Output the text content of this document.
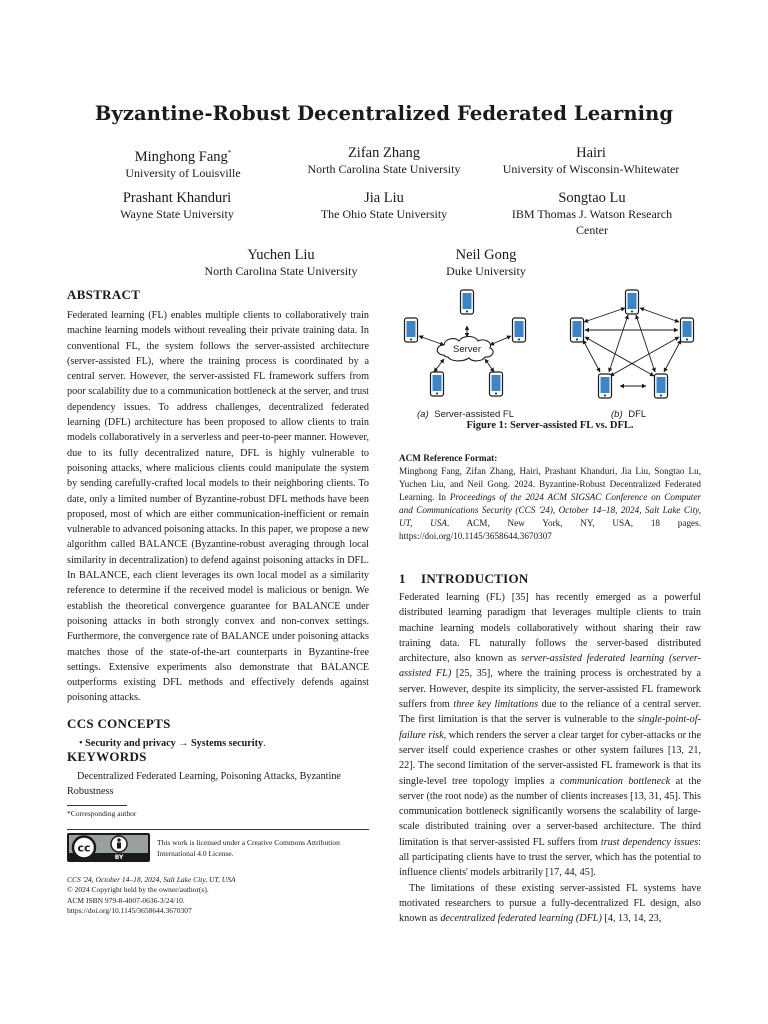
Byzantine-Robust Decentralized Federated Learning
Minghong Fang*
University of Louisville
Zifan Zhang
North Carolina State University
Hairi
University of Wisconsin-Whitewater
Prashant Khanduri
Wayne State University
Jia Liu
The Ohio State University
Songtao Lu
IBM Thomas J. Watson Research Center
Yuchen Liu
North Carolina State University
Neil Gong
Duke University
ABSTRACT

Federated learning (FL) enables multiple clients to collaboratively train machine learning models without revealing their private training data. In conventional FL, the system follows the server-assisted architecture (server-assisted FL), where the training process is coordinated by a central server. However, the server-assisted FL framework suffers from poor scalability due to a communication bottleneck at the server, and trust dependency issues. To address challenges, decentralized federated learning (DFL) architecture has been proposed to allow clients to train models collaboratively in a serverless and peer-to-peer manner. However, due to its fully decentralized nature, DFL is highly vulnerable to poisoning attacks, where malicious clients could manipulate the system by sending carefully-crafted local models to their neighboring clients. To date, only a limited number of Byzantine-robust DFL methods have been proposed, most of which are either communication-inefficient or remain vulnerable to advanced poisoning attacks. In this paper, we propose a new algorithm called BALANCE (Byzantine-robust averaging through local similarity in decentralization) to defend against poisoning attacks in DFL. In BALANCE, each client leverages its own local model as a similarity reference to determine if the received model is malicious or benign. We establish the theoretical convergence guarantee for BALANCE under poisoning attacks in both strongly convex and non-convex settings. Furthermore, the convergence rate of BALANCE under poisoning attacks matches those of the state-of-the-art counterparts in Byzantine-free settings. Extensive experiments also demonstrate that BALANCE outperforms existing DFL methods and effectively defends against poisoning attacks.

CCS CONCEPTS
• Security and privacy → Systems security.
KEYWORDS
Decentralized Federated Learning, Poisoning Attacks, Byzantine Robustness
*Corresponding author
cc
BY
This work is licensed under a Creative Commons Attribution International 4.0 License.
CCS '24, October 14–18, 2024, Salt Lake City, UT, USA
© 2024 Copyright held by the owner/author(s).
ACM ISBN 979-8-4007-0636-3/24/10.
https://doi.org/10.1145/3658644.3670307
Server
(a) Server-assisted FL	(b) DFL
Figure 1: Server-assisted FL vs. DFL.
ACM Reference Format:
Minghong Fang, Zifan Zhang, Hairi, Prashant Khanduri, Jia Liu, Songtao Lu, Yuchen Liu, and Neil Gong. 2024. Byzantine-Robust Decentralized Federated Learning. In Proceedings of the 2024 ACM SIGSAC Conference on Computer and Communications Security (CCS '24), October 14–18, 2024, Salt Lake City, UT, USA. ACM, New York, NY, USA, 18 pages. https://doi.org/10.1145/3658644.3670307
1 INTRODUCTION

Federated learning (FL) [35] has recently emerged as a powerful distributed learning paradigm that leverages multiple clients to train machine learning models collaboratively without sharing their raw training data. FL naturally follows the server-based distributed architecture, also known as server-assisted federated learning (server-assisted FL) [25, 35], where the training process is orchestrated by a server. However, despite its simplicity, the server-assisted FL framework suffers from three key limitations due to the reliance of a central server. The first limitation is that the server is vulnerable to the single-point-of-failure risk, which renders the server a clear target for cyber-attacks or the server itself could experience crashes or other system failures [13, 21, 22]. The second limitation of the server-assisted FL framework is that its single-level tree topology implies a communication bottleneck at the server (the root node) as the number of clients increases [13, 31, 45]. This communication bottleneck significantly worsens the scalability of large-scale distributed training over a server-based architecture. The third limitation is that server-assisted FL suffers from trust dependency issues: all participating clients have to trust the server, which has the potential to influence clients' models arbitrarily [17, 44, 45].

The limitations of these existing server-assisted FL systems have motivated researchers to pursue a fully-decentralized FL design, also known as decentralized federated learning (DFL) [4, 13, 14, 23,
